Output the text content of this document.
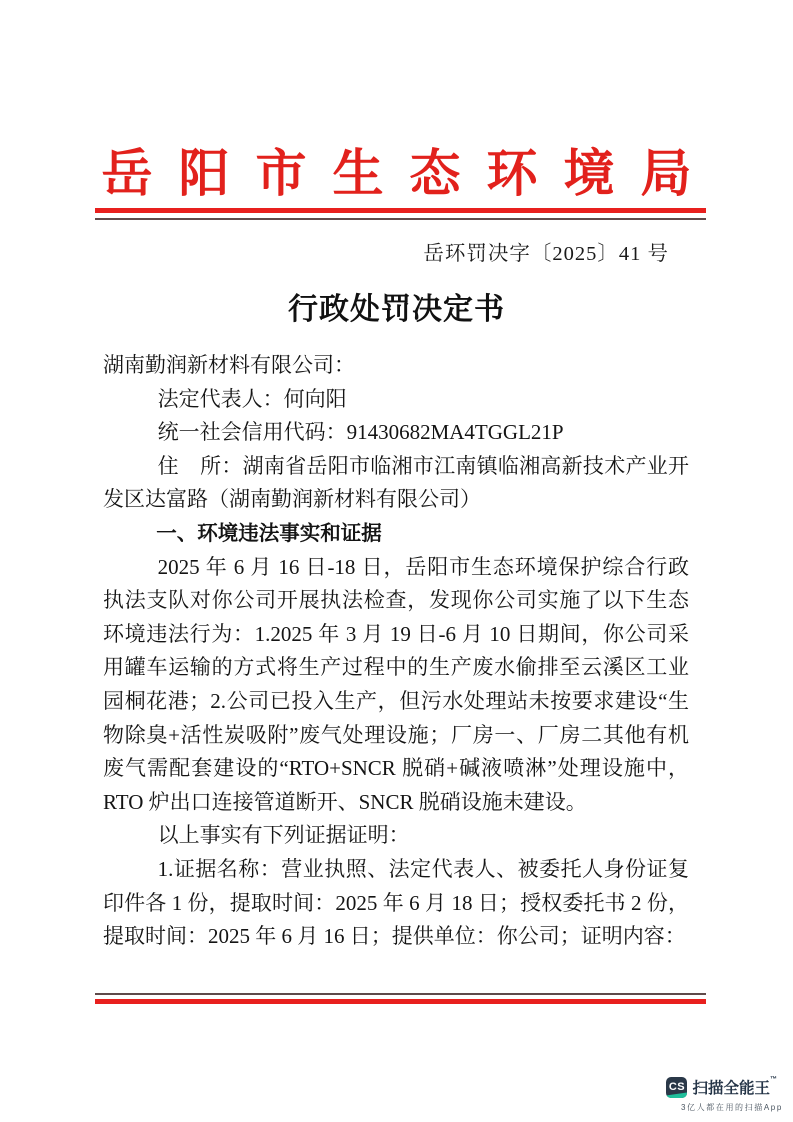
岳阳市生态环境局
岳环罚决字〔2025〕41 号
行政处罚决定书

湖南勤润新材料有限公司：

法定代表人：何向阳

统一社会信用代码：91430682MA4TGGL21P

住　所：湖南省岳阳市临湘市江南镇临湘高新技术产业开发区达富路（湖南勤润新材料有限公司）

一、环境违法事实和证据

2025 年 6 月 16 日-18 日，岳阳市生态环境保护综合行政执法支队对你公司开展执法检查，发现你公司实施了以下生态环境违法行为：1.2025 年 3 月 19 日-6 月 10 日期间，你公司采用罐车运输的方式将生产过程中的生产废水偷排至云溪区工业园桐花港；2.公司已投入生产，但污水处理站未按要求建设“生物除臭+活性炭吸附”废气处理设施；厂房一、厂房二其他有机废气需配套建设的“RTO+SNCR 脱硝+碱液喷淋”处理设施中，RTO 炉出口连接管道断开、SNCR 脱硝设施未建设。

以上事实有下列证据证明：

1.证据名称：营业执照、法定代表人、被委托人身份证复印件各 1 份，提取时间：2025 年 6 月 18 日；授权委托书 2 份，提取时间：2025 年 6 月 16 日；提供单位：你公司；证明内容：

CS 扫描全能王™
3亿人都在用的扫描App
